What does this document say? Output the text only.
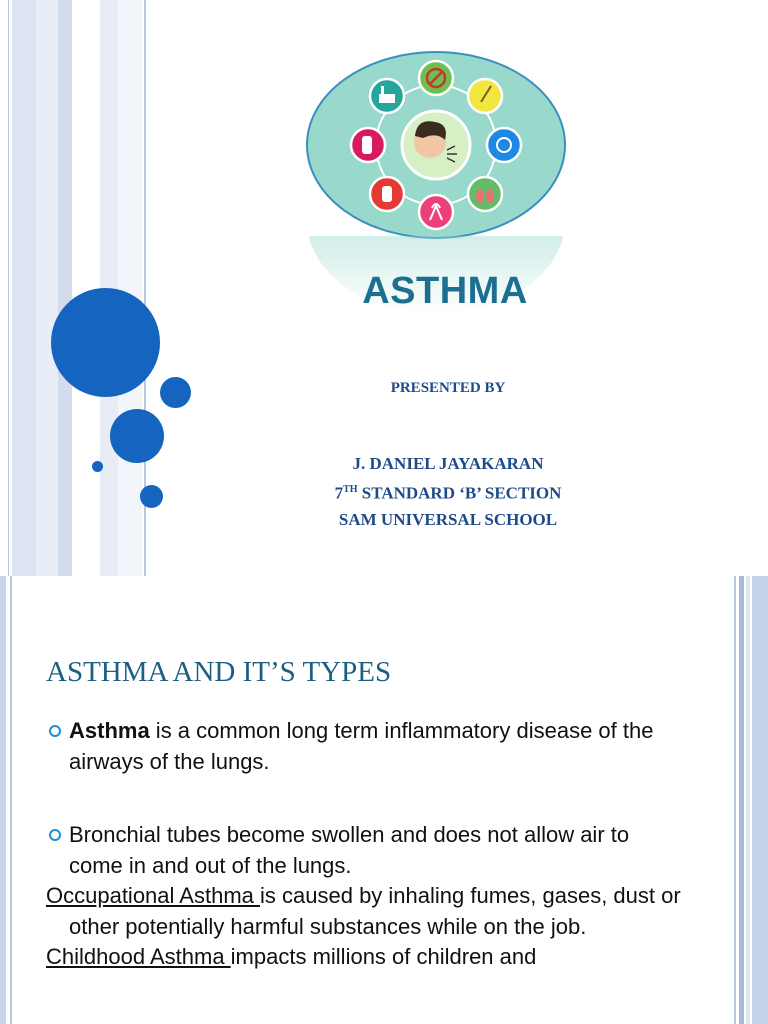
ASTHMA
PRESENTED BY
J. DANIEL JAYAKARAN
7TH STANDARD ‘B’ SECTION
SAM UNIVERSAL SCHOOL
ASTHMA AND IT’S TYPES
Asthma is a common long term inflammatory disease of the airways of the lungs.
Bronchial tubes become swollen and does not allow air to come in and out of the lungs.
Occupational Asthma is caused by inhaling fumes, gases, dust or other potentially harmful substances while on the job.
Childhood Asthma impacts millions of children and
